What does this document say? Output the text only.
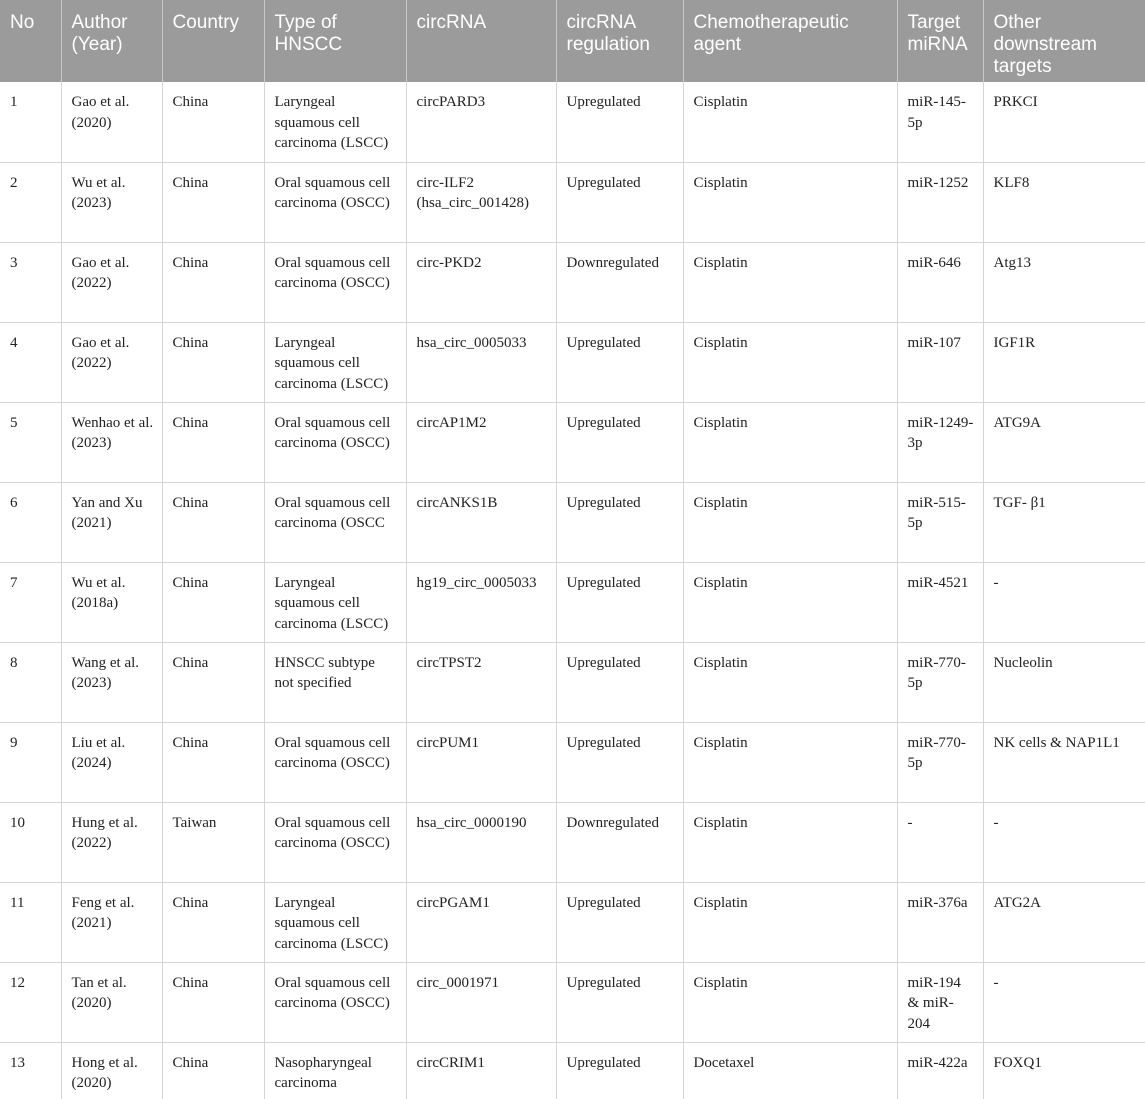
No	Author (Year)	Country	Type of HNSCC	circRNA	circRNA regulation	Chemotherapeutic agent	Target miRNA	Other downstream targets
1	Gao et al. (2020)	China	Laryngeal squamous cell carcinoma (LSCC)	circPARD3	Upregulated	Cisplatin	miR-145-5p	PRKCI
2	Wu et al. (2023)	China	Oral squamous cell carcinoma (OSCC)	circ-ILF2 (hsa_circ_001428)	Upregulated	Cisplatin	miR-1252	KLF8
3	Gao et al. (2022)	China	Oral squamous cell carcinoma (OSCC)	circ-PKD2	Downregulated	Cisplatin	miR-646	Atg13
4	Gao et al. (2022)	China	Laryngeal squamous cell carcinoma (LSCC)	hsa_circ_0005033	Upregulated	Cisplatin	miR-107	IGF1R
5	Wenhao et al. (2023)	China	Oral squamous cell carcinoma (OSCC)	circAP1M2	Upregulated	Cisplatin	miR-1249-3p	ATG9A
6	Yan and Xu (2021)	China	Oral squamous cell carcinoma (OSCC	circANKS1B	Upregulated	Cisplatin	miR-515-5p	TGF- β1
7	Wu et al. (2018a)	China	Laryngeal squamous cell carcinoma (LSCC)	hg19_circ_0005033	Upregulated	Cisplatin	miR-4521	-
8	Wang et al. (2023)	China	HNSCC subtype not specified	circTPST2	Upregulated	Cisplatin	miR-770-5p	Nucleolin
9	Liu et al. (2024)	China	Oral squamous cell carcinoma (OSCC)	circPUM1	Upregulated	Cisplatin	miR-770-5p	NK cells & NAP1L1
10	Hung et al. (2022)	Taiwan	Oral squamous cell carcinoma (OSCC)	hsa_circ_0000190	Downregulated	Cisplatin	-	-
11	Feng et al. (2021)	China	Laryngeal squamous cell carcinoma (LSCC)	circPGAM1	Upregulated	Cisplatin	miR-376a	ATG2A
12	Tan et al. (2020)	China	Oral squamous cell carcinoma (OSCC)	circ_0001971	Upregulated	Cisplatin	miR-194 & miR-204	-
13	Hong et al. (2020)	China	Nasopharyngeal carcinoma	circCRIM1	Upregulated	Docetaxel	miR-422a	FOXQ1
